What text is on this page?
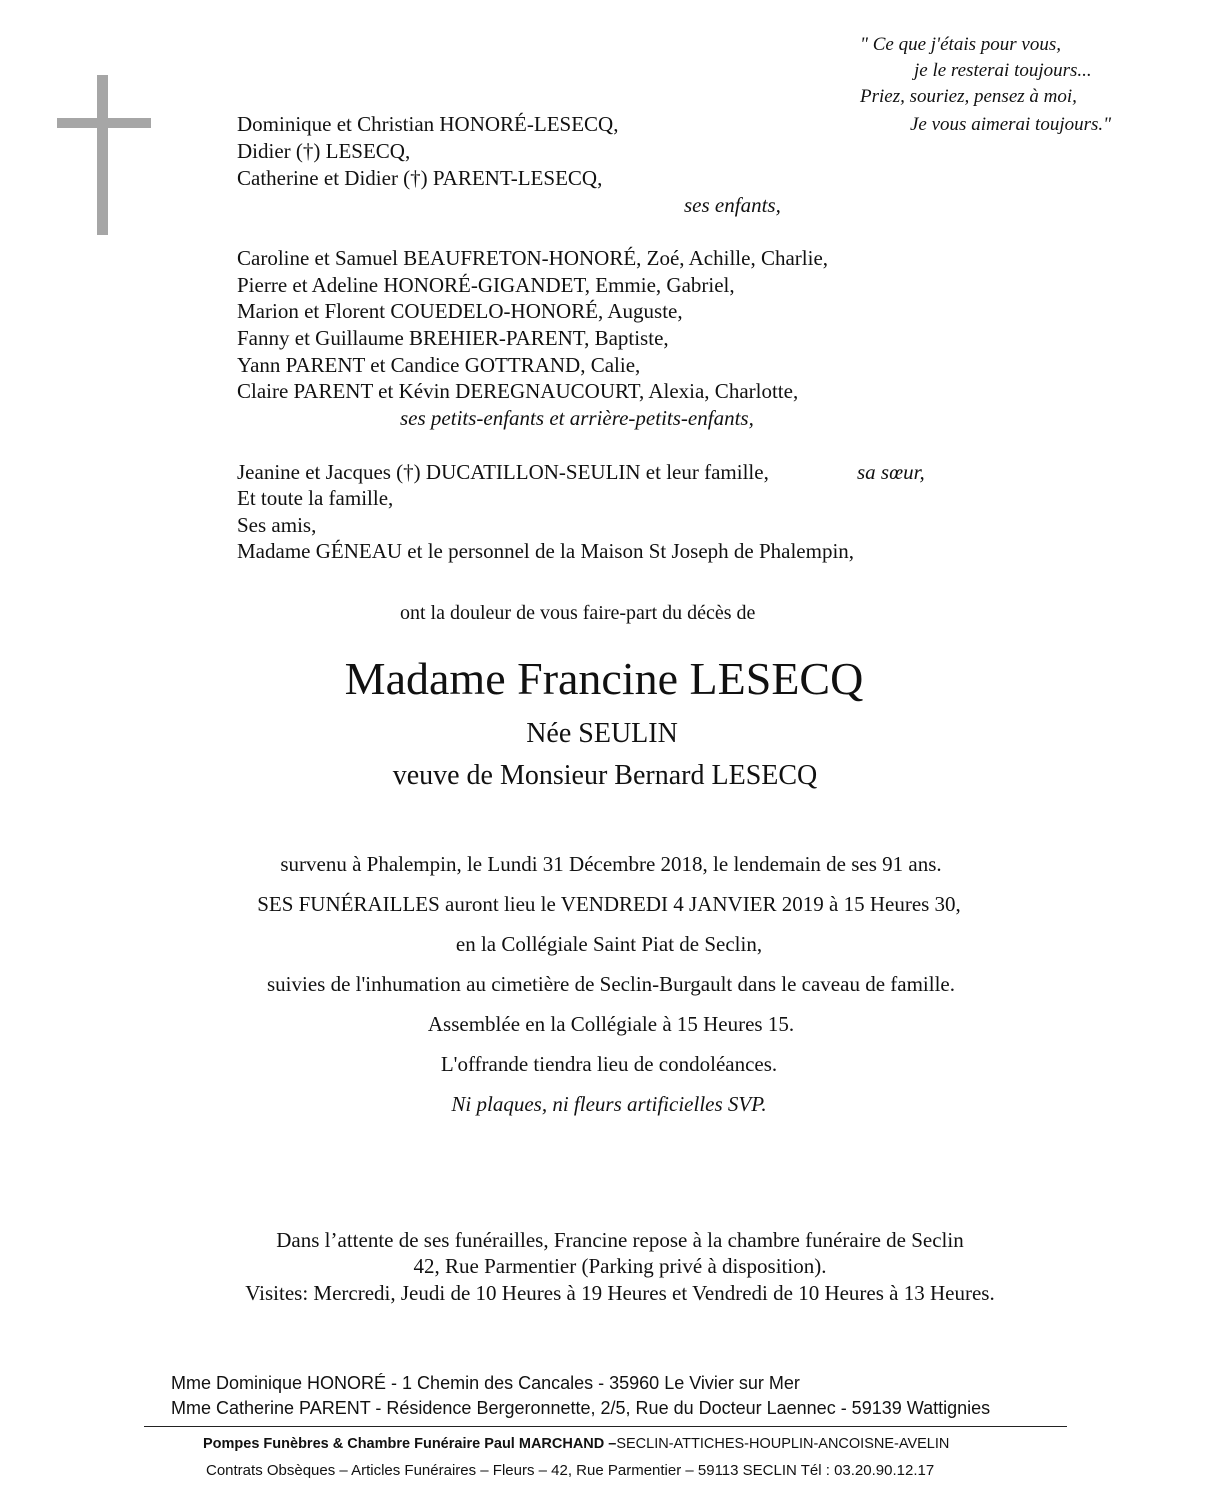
" Ce que j'étais pour vous,
je le resterai toujours...
Priez, souriez, pensez à moi,
Je vous aimerai toujours."
Dominique et Christian HONORÉ-LESECQ,
Didier (†) LESECQ,
Catherine et Didier (†) PARENT-LESECQ,
ses enfants,
Caroline et Samuel BEAUFRETON-HONORÉ, Zoé, Achille, Charlie,
Pierre et Adeline HONORÉ-GIGANDET, Emmie, Gabriel,
Marion et Florent COUEDELO-HONORÉ, Auguste,
Fanny et Guillaume BREHIER-PARENT, Baptiste,
Yann PARENT et Candice GOTTRAND, Calie,
Claire PARENT et Kévin DEREGNAUCOURT, Alexia, Charlotte,
ses petits-enfants et arrière-petits-enfants,
Jeanine et Jacques (†) DUCATILLON-SEULIN et leur famille,	sa sœur,
Et toute la famille,
Ses amis,
Madame GÉNEAU et le personnel de la Maison St Joseph de Phalempin,
ont la douleur de vous faire-part du décès de
Madame Francine LESECQ
Née SEULIN
veuve de Monsieur Bernard LESECQ
survenu à Phalempin, le Lundi 31 Décembre 2018, le lendemain de ses 91 ans.
SES FUNÉRAILLES auront lieu le VENDREDI 4 JANVIER 2019 à 15 Heures 30,
en la Collégiale Saint Piat de Seclin,
suivies de l'inhumation au cimetière de Seclin-Burgault dans le caveau de famille.
Assemblée en la Collégiale à 15 Heures 15.
L'offrande tiendra lieu de condoléances.
Ni plaques, ni fleurs artificielles SVP.
Dans l’attente de ses funérailles, Francine repose à la chambre funéraire de Seclin
42, Rue Parmentier (Parking privé à disposition).
Visites: Mercredi, Jeudi de 10 Heures à 19 Heures et Vendredi de 10 Heures à 13 Heures.
Mme Dominique HONORÉ - 1 Chemin des Cancales - 35960 Le Vivier sur Mer
Mme Catherine PARENT - Résidence Bergeronnette, 2/5, Rue du Docteur Laennec - 59139 Wattignies
Pompes Funèbres & Chambre Funéraire Paul MARCHAND –SECLIN-ATTICHES-HOUPLIN-ANCOISNE-AVELIN
Contrats Obsèques – Articles Funéraires – Fleurs – 42, Rue Parmentier – 59113 SECLIN Tél : 03.20.90.12.17
